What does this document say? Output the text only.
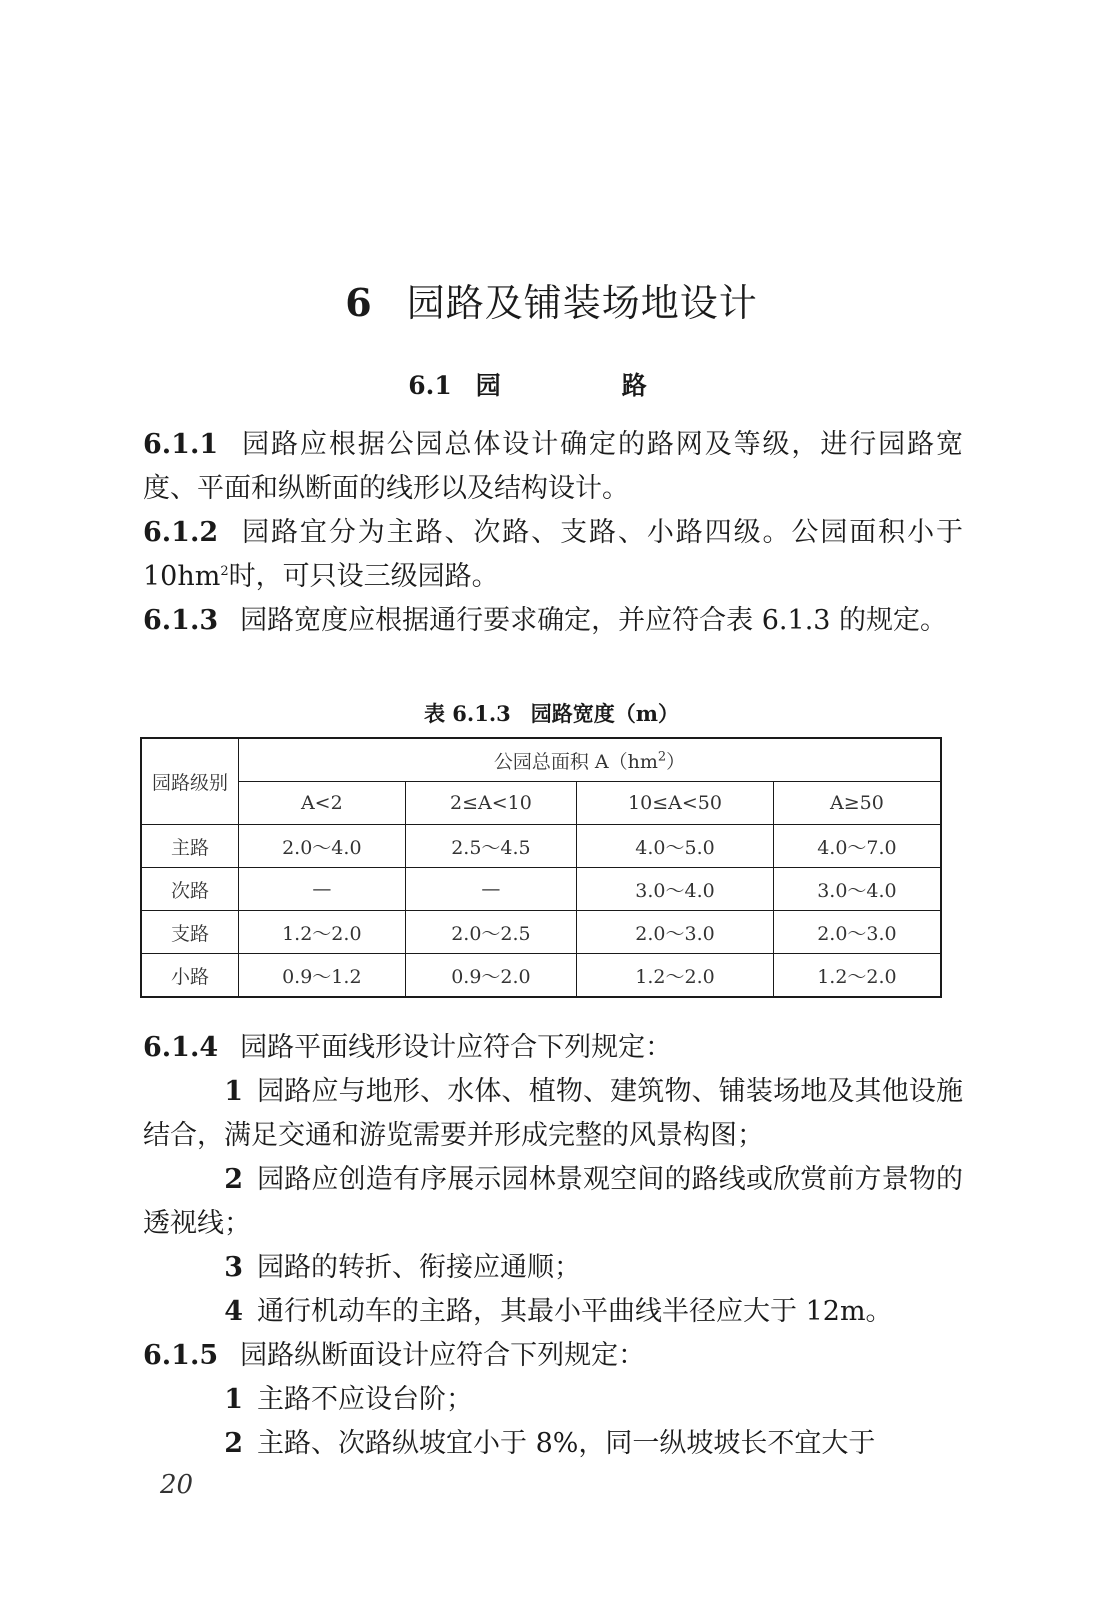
6 园路及铺装场地设计
6.1 园　路

6.1.1 园路应根据公园总体设计确定的路网及等级，进行园路宽度、平面和纵断面的线形以及结构设计。

6.1.2 园路宜分为主路、次路、支路、小路四级。公园面积小于 $10hm^2$时，可只设三级园路。

6.1.3 园路宽度应根据通行要求确定，并应符合表 6.1.3 的规定。

表 6.1.3 园路宽度（m）
园路级别	公园总面积 $A(hm^2)$			
	A<2	2≤A<10	10≤A<50	A≥50
主路	2.0～4.0	2.5～4.5	4.0～5.0	4.0～7.0
次路	—	—	3.0～4.0	3.0～4.0
支路	1.2～2.0	2.0～2.5	2.0～3.0	2.0～3.0
小路	0.9～1.2	0.9～2.0	1.2～2.0	1.2～2.0

6.1.4 园路平面线形设计应符合下列规定：

1 园路应与地形、水体、植物、建筑物、铺装场地及其他设施结合，满足交通和游览需要并形成完整的风景构图；

2 园路应创造有序展示园林景观空间的路线或欣赏前方景物的透视线；

3 园路的转折、衔接应通顺；

4 通行机动车的主路，其最小平曲线半径应大于 12m。

6.1.5 园路纵断面设计应符合下列规定：

1 主路不应设台阶；

2 主路、次路纵坡宜小于 8%，同一纵坡坡长不宜大于

20
